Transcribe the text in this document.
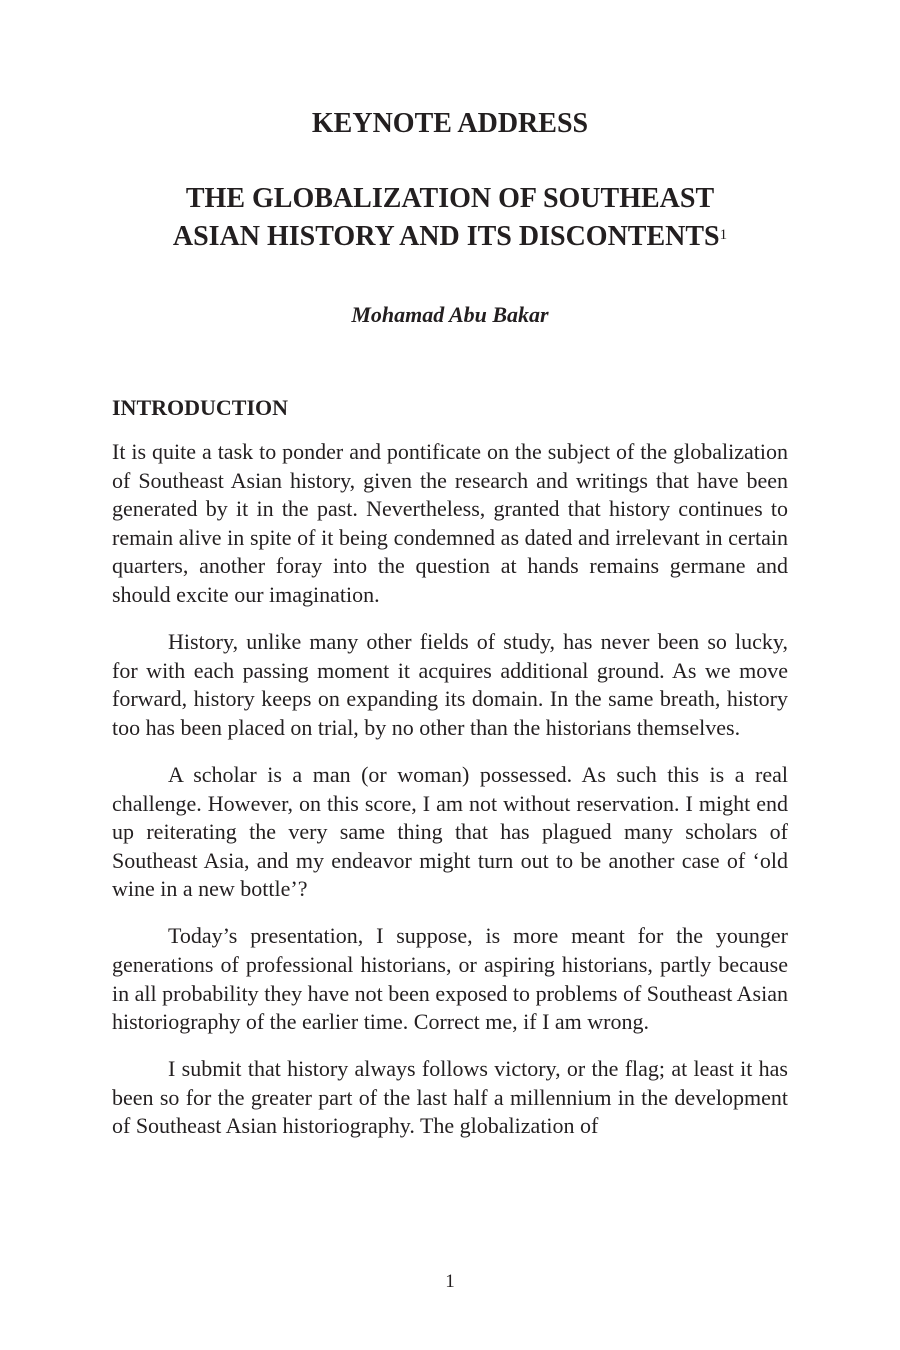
KEYNOTE ADDRESS
THE GLOBALIZATION OF SOUTHEAST
ASIAN HISTORY AND ITS DISCONTENTS$^1$

Mohamad Abu Bakar

INTRODUCTION

It is quite a task to ponder and pontificate on the subject of the globalization of Southeast Asian history, given the research and writings that have been generated by it in the past. Nevertheless, granted that history continues to remain alive in spite of it being condemned as dated and irrelevant in certain quarters, another foray into the question at hands remains germane and should excite our imagination.

History, unlike many other fields of study, has never been so lucky, for with each passing moment it acquires additional ground. As we move forward, history keeps on expanding its domain. In the same breath, history too has been placed on trial, by no other than the historians themselves.

A scholar is a man (or woman) possessed. As such this is a real challenge. However, on this score, I am not without reservation. I might end up reiterating the very same thing that has plagued many scholars of Southeast Asia, and my endeavor might turn out to be another case of ‘old wine in a new bottle’?

Today’s presentation, I suppose, is more meant for the younger generations of professional historians, or aspiring historians, partly because in all probability they have not been exposed to problems of Southeast Asian historiography of the earlier time. Correct me, if I am wrong.

I submit that history always follows victory, or the flag; at least it has been so for the greater part of the last half a millennium in the development of Southeast Asian historiography. The globalization of

1
